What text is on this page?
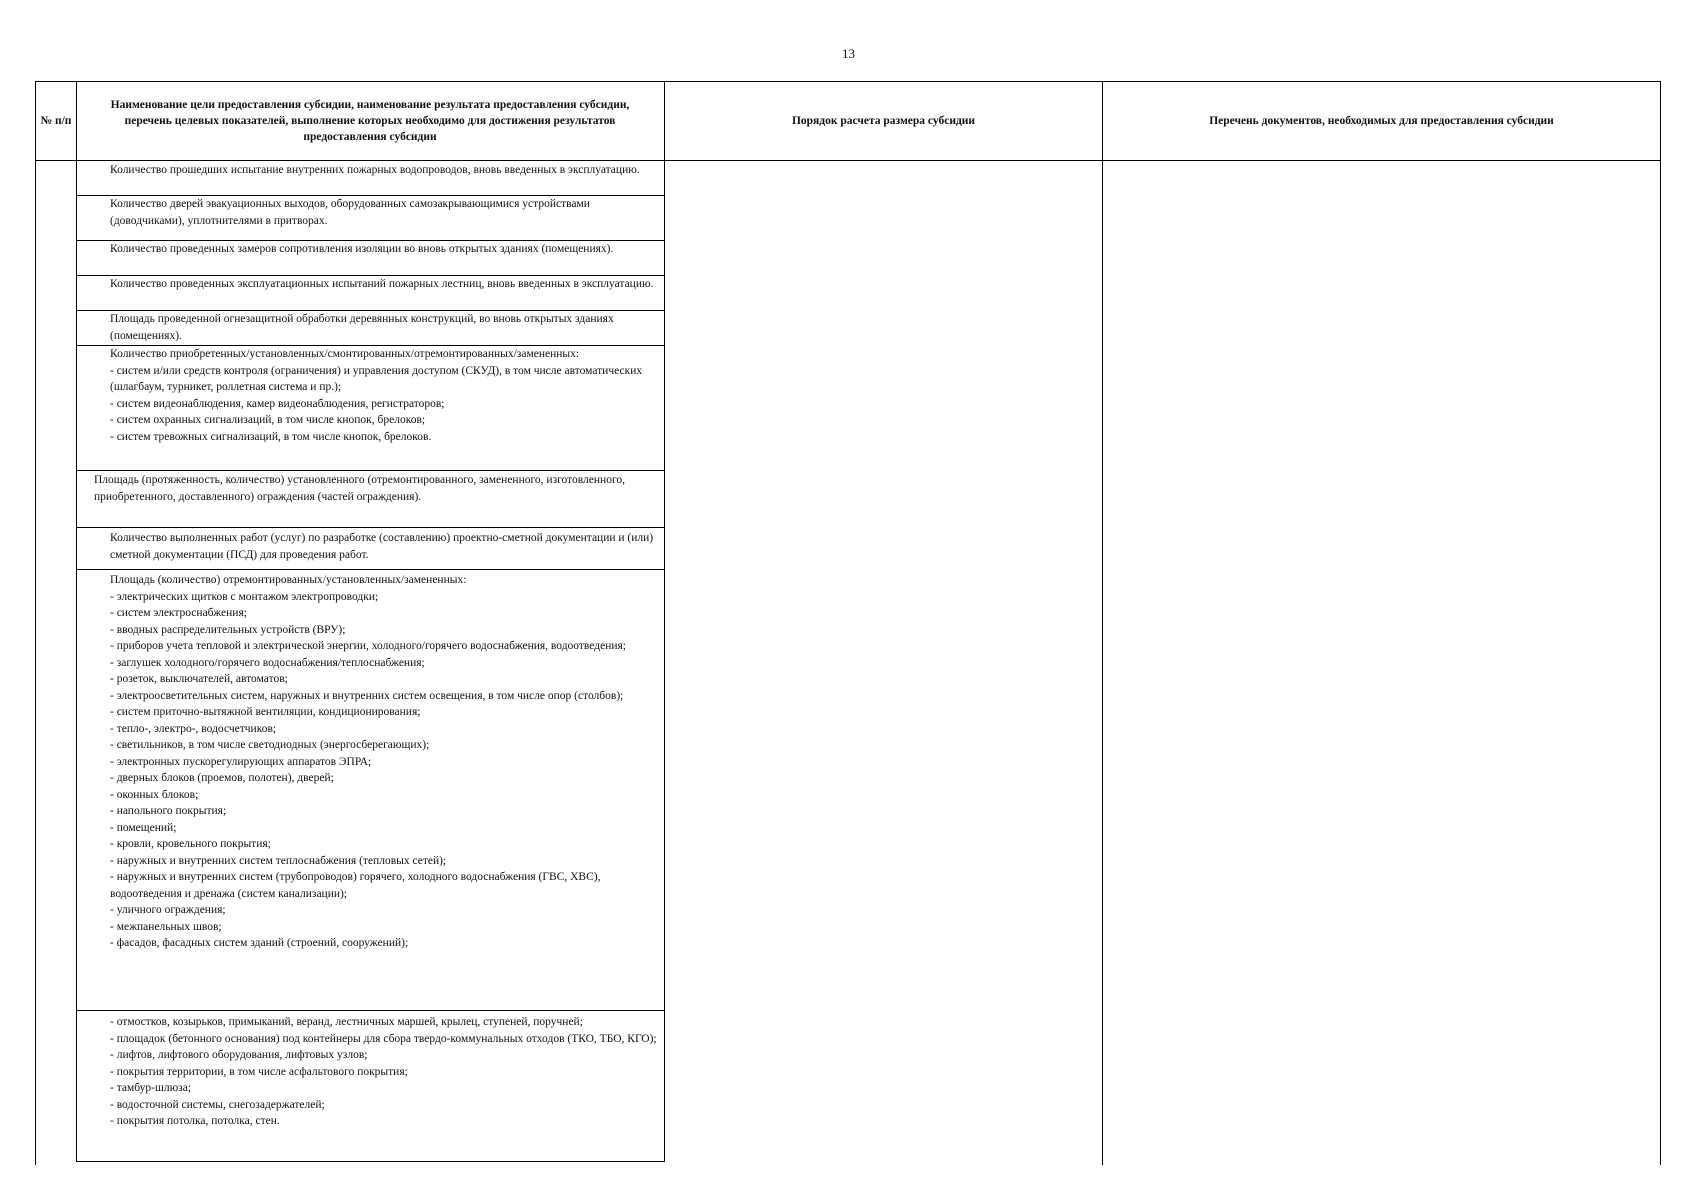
13
№ п/п
Наименование цели предоставления субсидии, наименование результата предоставления субсидии, перечень целевых показателей, выполнение которых необходимо для достижения результатов предоставления субсидии
Порядок расчета размера субсидии	Перечень документов, необходимых для предоставления субсидии
Количество прошедших испытание внутренних пожарных водопроводов, вновь введенных в эксплуатацию.
Количество дверей эвакуационных выходов, оборудованных самозакрывающимися устройствами (доводчиками), уплотнителями в притворах.
Количество проведенных замеров сопротивления изоляции во вновь открытых зданиях (помещениях).
Количество проведенных эксплуатационных испытаний пожарных лестниц, вновь введенных в эксплуатацию.
Площадь проведенной огнезащитной обработки деревянных конструкций, во вновь открытых зданиях (помещениях).
Количество приобретенных/установленных/смонтированных/отремонтированных/замененных:
- систем и/или средств контроля (ограничения) и управления доступом (СКУД), в том числе автоматических (шлагбаум, турникет, роллетная система и пр.);
- систем видеонаблюдения, камер видеонаблюдения, регистраторов;
- систем охранных сигнализаций, в том числе кнопок, брелоков;
- систем тревожных сигнализаций, в том числе кнопок, брелоков.
Площадь (протяженность, количество) установленного (отремонтированного, замененного, изготовленного, приобретенного, доставленного) ограждения (частей ограждения).
Количество выполненных работ (услуг) по разработке (составлению) проектно-сметной документации и (или) сметной документации (ПСД) для проведения работ.
Площадь (количество) отремонтированных/установленных/замененных:
- электрических щитков с монтажом электропроводки;
- систем электроснабжения;
- вводных распределительных устройств (ВРУ);
- приборов учета тепловой и электрической энергии, холодного/горячего водоснабжения, водоотведения;
- заглушек холодного/горячего водоснабжения/теплоснабжения;
- розеток, выключателей, автоматов;
- электроосветительных систем, наружных и внутренних систем освещения, в том числе опор (столбов);
- систем приточно-вытяжной вентиляции, кондиционирования;
- тепло-, электро-, водосчетчиков;
- светильников, в том числе светодиодных (энергосберегающих);
- электронных пускорегулирующих аппаратов ЭПРА;
- дверных блоков (проемов, полотен), дверей;
- оконных блоков;
- напольного покрытия;
- помещений;
- кровли, кровельного покрытия;
- наружных и внутренних систем теплоснабжения (тепловых сетей);
- наружных и внутренних систем (трубопроводов) горячего, холодного водоснабжения (ГВС, ХВС), водоотведения и дренажа (систем канализации);
- уличного ограждения;
- межпанельных швов;
- фасадов, фасадных систем зданий (строений, сооружений);
- отмостков, козырьков, примыканий, веранд, лестничных маршей, крылец, ступеней, поручней;
- площадок (бетонного основания) под контейнеры для сбора твердо-коммунальных отходов (ТКО, ТБО, КГО);
- лифтов, лифтового оборудования, лифтовых узлов;
- покрытия территории, в том числе асфальтового покрытия;
- тамбур-шлюза;
- водосточной системы, снегозадержателей;
- покрытия потолка, потолка, стен.
